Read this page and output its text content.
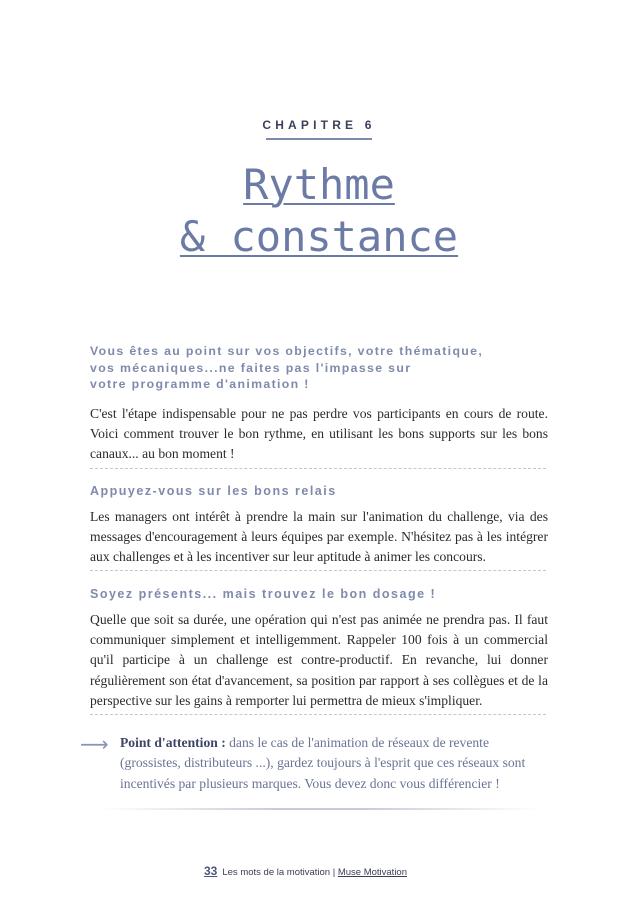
CHAPITRE 6
Rythme
& constance
Vous êtes au point sur vos objectifs, votre thématique,
vos mécaniques...ne faites pas l'impasse sur
votre programme d'animation !
C'est l'étape indispensable pour ne pas perdre vos participants en cours de route. Voici comment trouver le bon rythme, en utilisant les bons supports sur les bons canaux... au bon moment !
Appuyez-vous sur les bons relais
Les managers ont intérêt à prendre la main sur l'animation du challenge, via des messages d'encouragement à leurs équipes par exemple. N'hésitez pas à les intégrer aux challenges et à les incentiver sur leur aptitude à animer les concours.
Soyez présents... mais trouvez le bon dosage !
Quelle que soit sa durée, une opération qui n'est pas animée ne prendra pas. Il faut communiquer simplement et intelligemment. Rappeler 100 fois à un commercial qu'il participe à un challenge est contre-productif. En revanche, lui donner régulièrement son état d'avancement, sa position par rapport à ses collègues et de la perspective sur les gains à remporter lui permettra de mieux s'impliquer.
⟶ Point d'attention : dans le cas de l'animation de réseaux de revente (grossistes, distributeurs ...), gardez toujours à l'esprit que ces réseaux sont incentivés par plusieurs marques. Vous devez donc vous différencier !
33 Les mots de la motivation | Muse Motivation
